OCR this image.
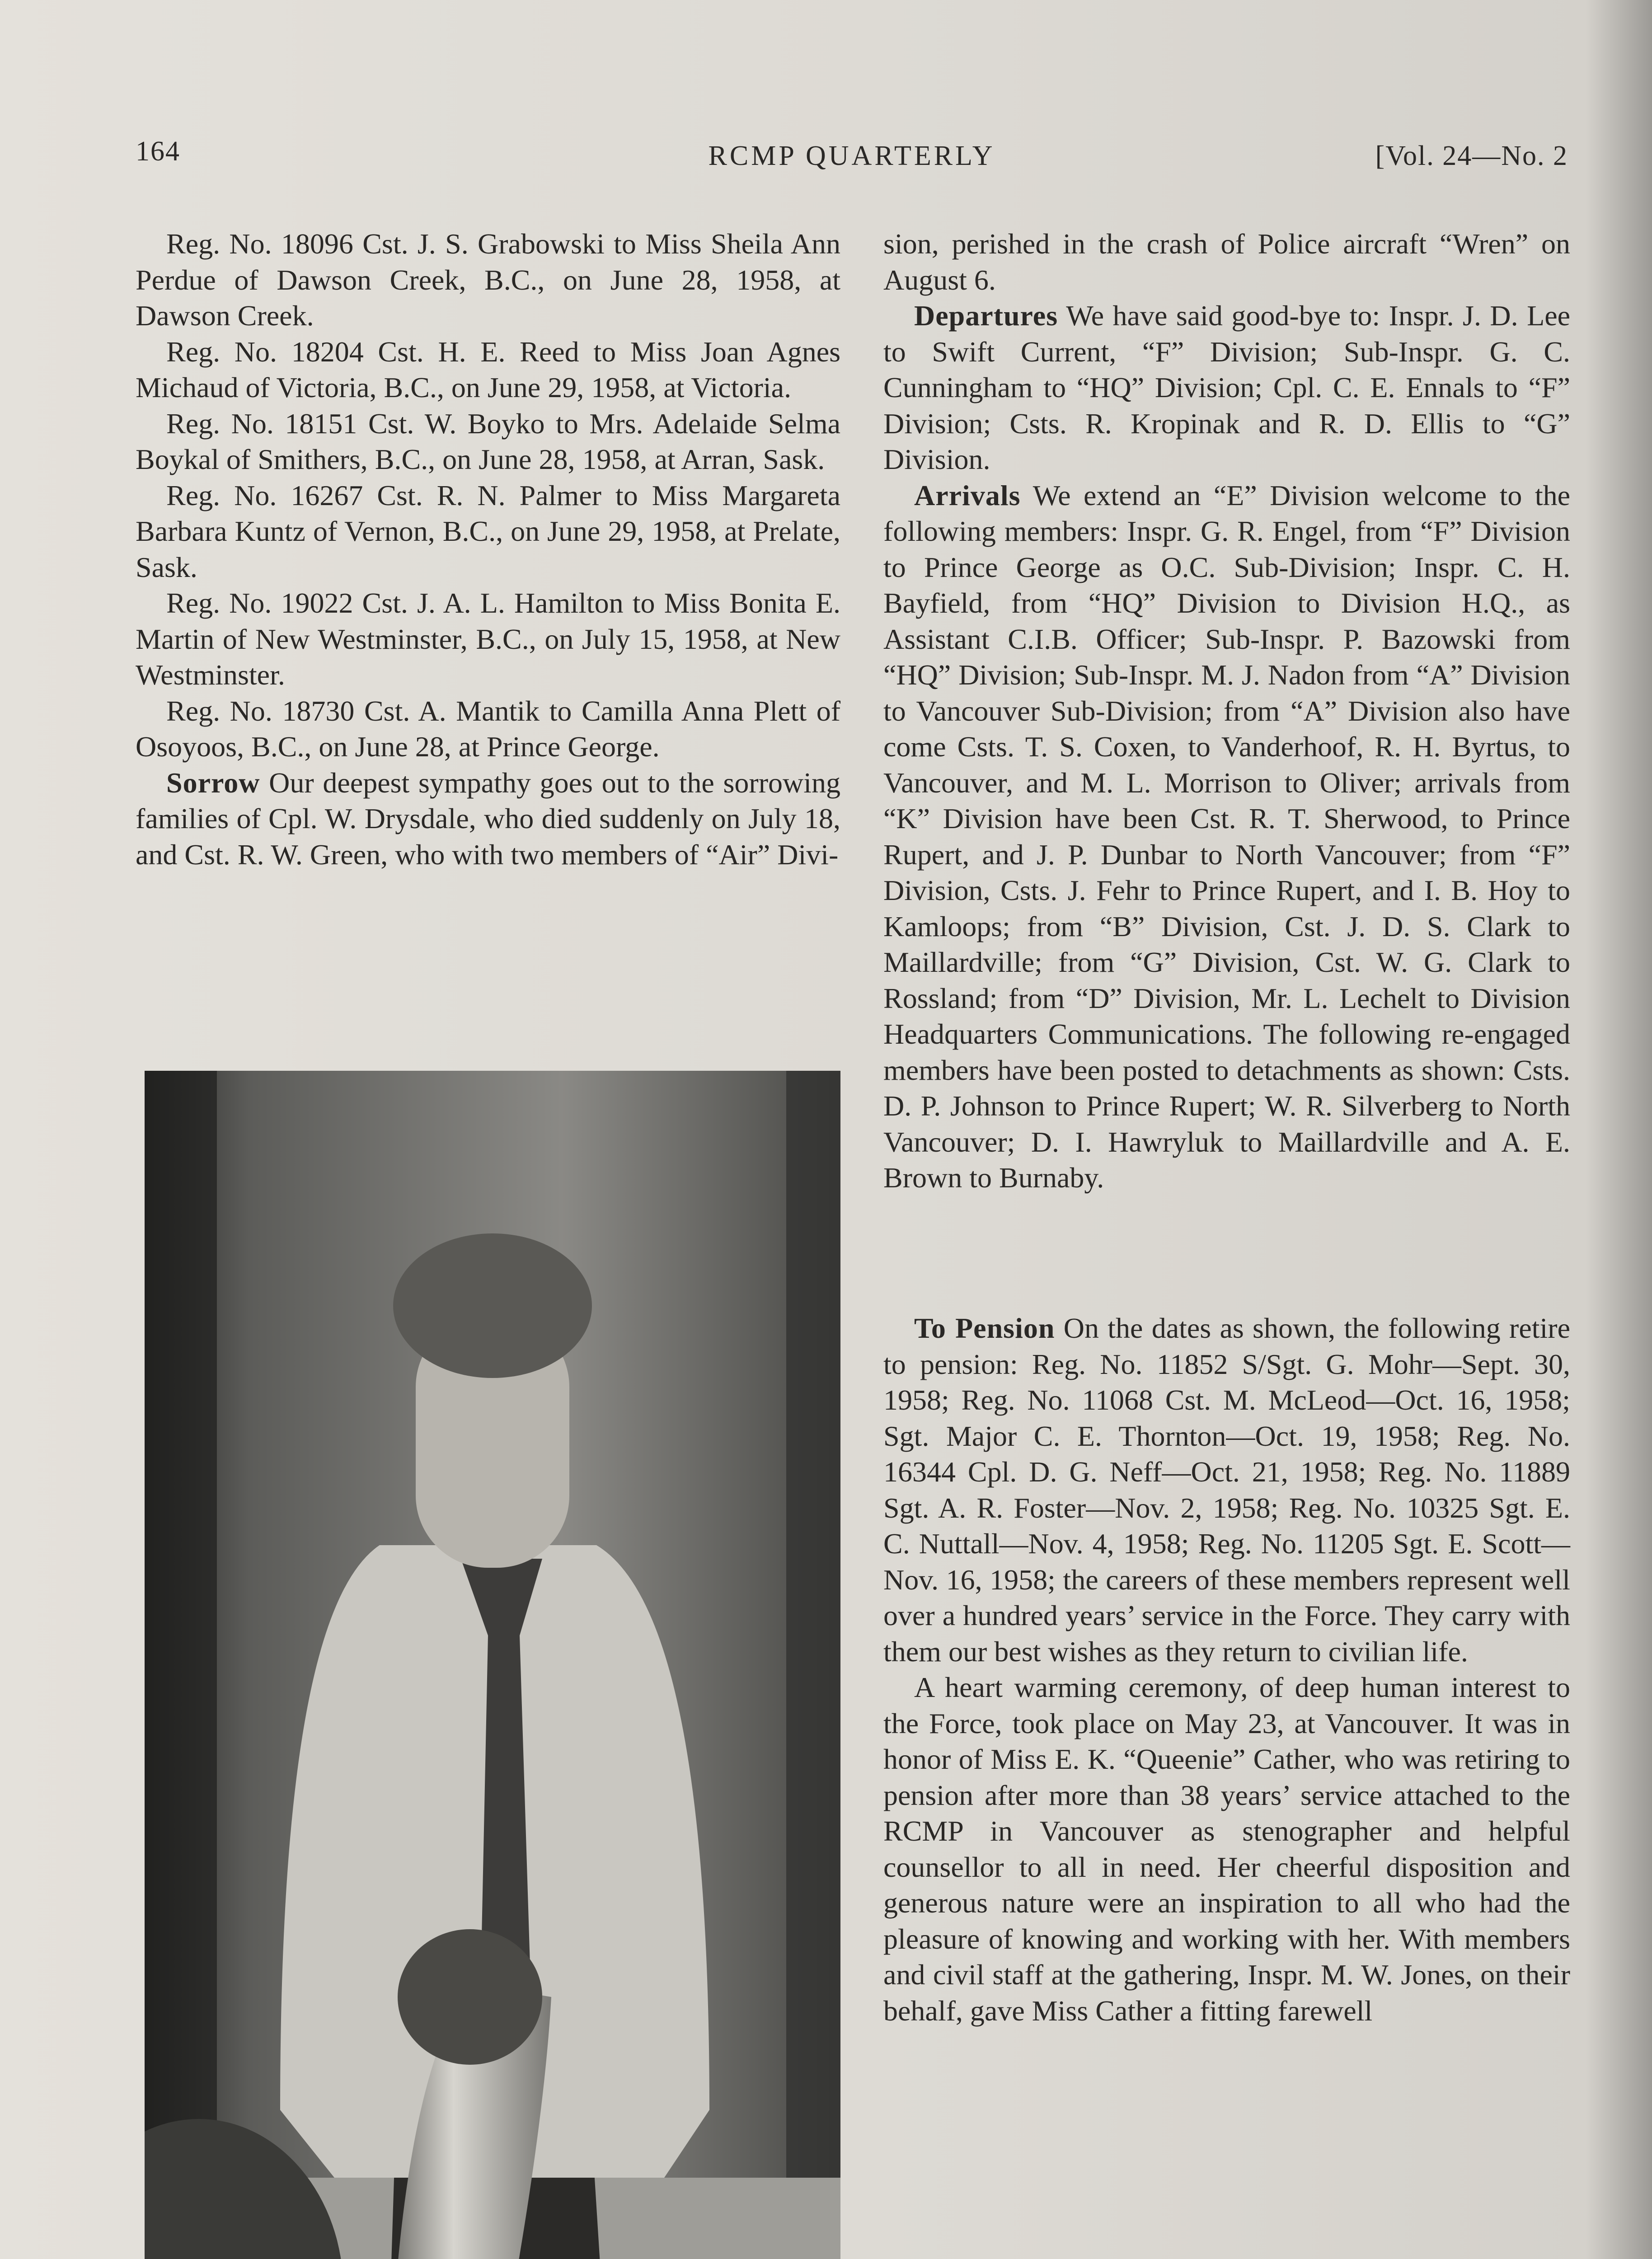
164	RCMP QUARTERLY	[Vol. 24—No. 2

Reg. No. 18096 Cst. J. S. Grabowski to Miss Sheila Ann Perdue of Dawson Creek, B.C., on June 28, 1958, at Dawson Creek.

Reg. No. 18204 Cst. H. E. Reed to Miss Joan Agnes Michaud of Victoria, B.C., on June 29, 1958, at Victoria.

Reg. No. 18151 Cst. W. Boyko to Mrs. Adelaide Selma Boykal of Smithers, B.C., on June 28, 1958, at Arran, Sask.

Reg. No. 16267 Cst. R. N. Palmer to Miss Margareta Barbara Kuntz of Vernon, B.C., on June 29, 1958, at Prelate, Sask.

Reg. No. 19022 Cst. J. A. L. Hamilton to Miss Bonita E. Martin of New Westminster, B.C., on July 15, 1958, at New Westminster.

Reg. No. 18730 Cst. A. Mantik to Camilla Anna Plett of Osoyoos, B.C., on June 28, at Prince George.

Sorrow Our deepest sympathy goes out to the sorrowing families of Cpl. W. Drysdale, who died suddenly on July 18, and Cst. R. W. Green, who with two members of “Air” Divi-

sion, perished in the crash of Police aircraft “Wren” on August 6.

Departures We have said good-bye to: Inspr. J. D. Lee to Swift Current, “F” Division; Sub-Inspr. G. C. Cunningham to “HQ” Division; Cpl. C. E. Ennals to “F” Division; Csts. R. Kropinak and R. D. Ellis to “G” Division.

Arrivals We extend an “E” Division welcome to the following members: Inspr. G. R. Engel, from “F” Division to Prince George as O.C. Sub-Division; Inspr. C. H. Bayfield, from “HQ” Division to Division H.Q., as Assistant C.I.B. Officer; Sub-Inspr. P. Bazowski from “HQ” Division; Sub-Inspr. M. J. Nadon from “A” Division to Vancouver Sub-Division; from “A” Division also have come Csts. T. S. Coxen, to Vanderhoof, R. H. Byrtus, to Vancouver, and M. L. Morrison to Oliver; arrivals from “K” Division have been Cst. R. T. Sherwood, to Prince Rupert, and J. P. Dunbar to North Vancouver; from “F” Division, Csts. J. Fehr to Prince Rupert, and I. B. Hoy to Kamloops; from “B” Division, Cst. J. D. S. Clark to Maillardville; from “G” Division, Cst. W. G. Clark to Rossland; from “D” Division, Mr. L. Lechelt to Division Headquarters Communications. The following re-engaged members have been posted to detachments as shown: Csts. D. P. Johnson to Prince Rupert; W. R. Silverberg to North Vancouver; D. I. Hawryluk to Maillardville and A. E. Brown to Burnaby.

To Pension On the dates as shown, the following retire to pension: Reg. No. 11852 S/Sgt. G. Mohr—Sept. 30, 1958; Reg. No. 11068 Cst. M. McLeod—Oct. 16, 1958; Sgt. Major C. E. Thornton—Oct. 19, 1958; Reg. No. 16344 Cpl. D. G. Neff—Oct. 21, 1958; Reg. No. 11889 Sgt. A. R. Foster—Nov. 2, 1958; Reg. No. 10325 Sgt. E. C. Nuttall—Nov. 4, 1958; Reg. No. 11205 Sgt. E. Scott—Nov. 16, 1958; the careers of these members represent well over a hundred years’ service in the Force. They carry with them our best wishes as they return to civilian life.

A heart warming ceremony, of deep human interest to the Force, took place on May 23, at Vancouver. It was in honor of Miss E. K. “Queenie” Cather, who was retiring to pension after more than 38 years’ service attached to the RCMP in Vancouver as stenographer and helpful counsellor to all in need. Her cheerful disposition and generous nature were an inspiration to all who had the pleasure of knowing and working with her. With members and civil staff at the gathering, Inspr. M. W. Jones, on their behalf, gave Miss Cather a fitting farewell
